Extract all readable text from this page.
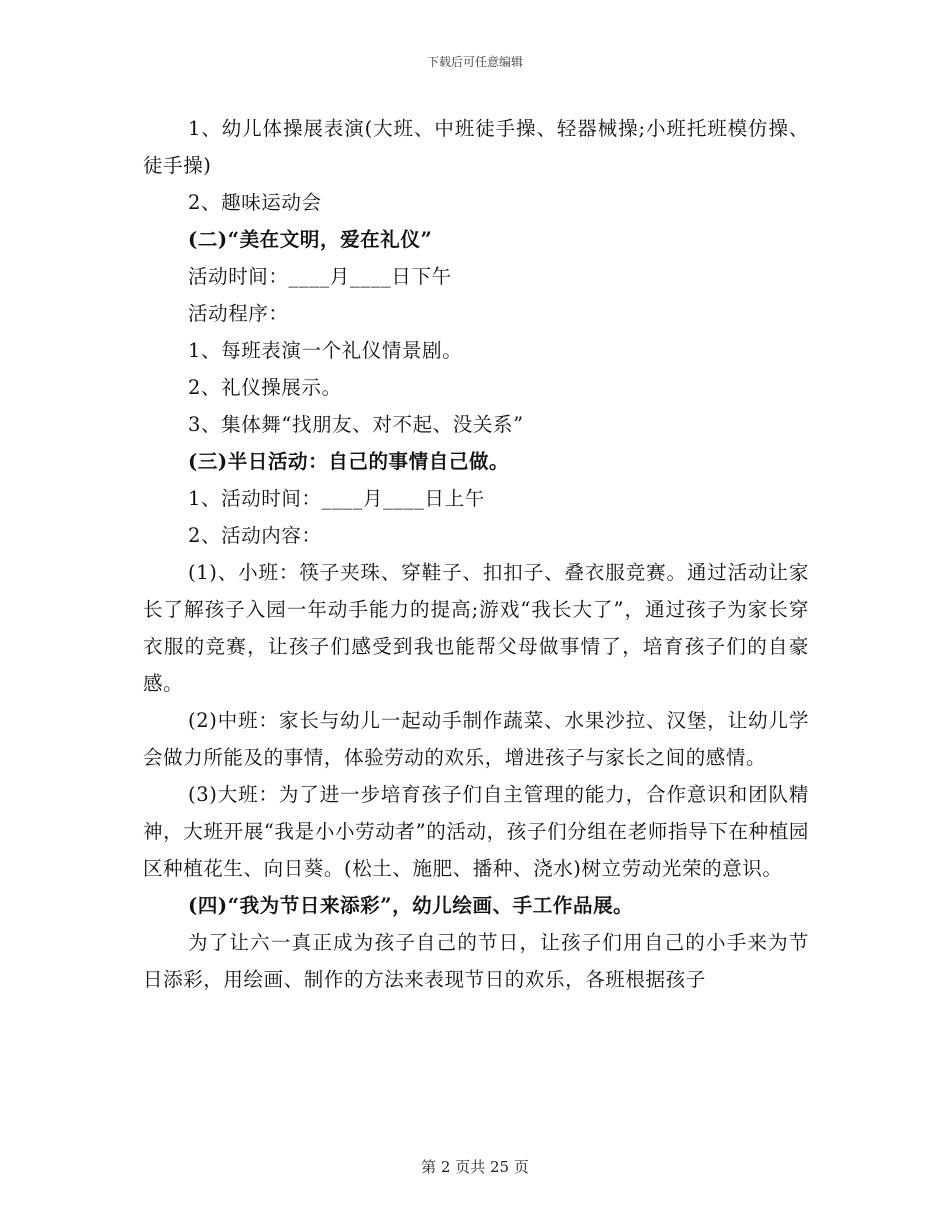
下载后可任意编辑

1、幼儿体操展表演(大班、中班徒手操、轻器械操;小班托班模仿操、徒手操)

2、趣味运动会

(二)“美在文明，爱在礼仪”

活动时间：____月____日下午

活动程序：

1、每班表演一个礼仪情景剧。

2、礼仪操展示。

3、集体舞“找朋友、对不起、没关系”

(三)半日活动：自己的事情自己做。

1、活动时间：____月____日上午

2、活动内容：

(1)、小班：筷子夹珠、穿鞋子、扣扣子、叠衣服竞赛。通过活动让家长了解孩子入园一年动手能力的提高;游戏“我长大了”，通过孩子为家长穿衣服的竞赛，让孩子们感受到我也能帮父母做事情了，培育孩子们的自豪感。

(2)中班：家长与幼儿一起动手制作蔬菜、水果沙拉、汉堡，让幼儿学会做力所能及的事情，体验劳动的欢乐，增进孩子与家长之间的感情。

(3)大班：为了进一步培育孩子们自主管理的能力，合作意识和团队精神，大班开展“我是小小劳动者”的活动，孩子们分组在老师指导下在种植园区种植花生、向日葵。(松土、施肥、播种、浇水)树立劳动光荣的意识。

(四)“我为节日来添彩”，幼儿绘画、手工作品展。

为了让六一真正成为孩子自己的节日，让孩子们用自己的小手来为节日添彩，用绘画、制作的方法来表现节日的欢乐，各班根据孩子

第 2 页共 25 页
